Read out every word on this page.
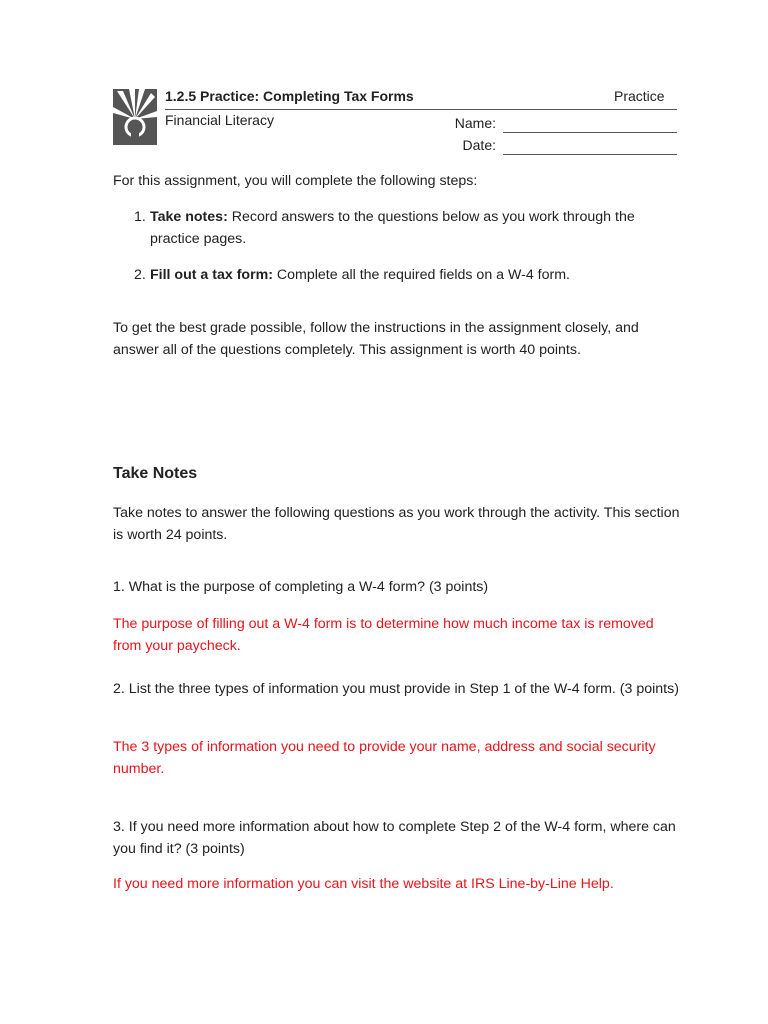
1.2.5 Practice: Completing Tax Forms	Practice
Financial Literacy	Name:
Date:
For this assignment, you will complete the following steps:
1. Take notes: Record answers to the questions below as you work through the practice pages.
2. Fill out a tax form: Complete all the required fields on a W-4 form.
To get the best grade possible, follow the instructions in the assignment closely, and answer all of the questions completely. This assignment is worth 40 points.
Take Notes
Take notes to answer the following questions as you work through the activity. This section is worth 24 points.
1. What is the purpose of completing a W-4 form? (3 points)
The purpose of filling out a W-4 form is to determine how much income tax is removed from your paycheck.
2. List the three types of information you must provide in Step 1 of the W-4 form. (3 points)
The 3 types of information you need to provide your name, address and social security number.
3. If you need more information about how to complete Step 2 of the W-4 form, where can you find it? (3 points)
If you need more information you can visit the website at IRS Line-by-Line Help.
